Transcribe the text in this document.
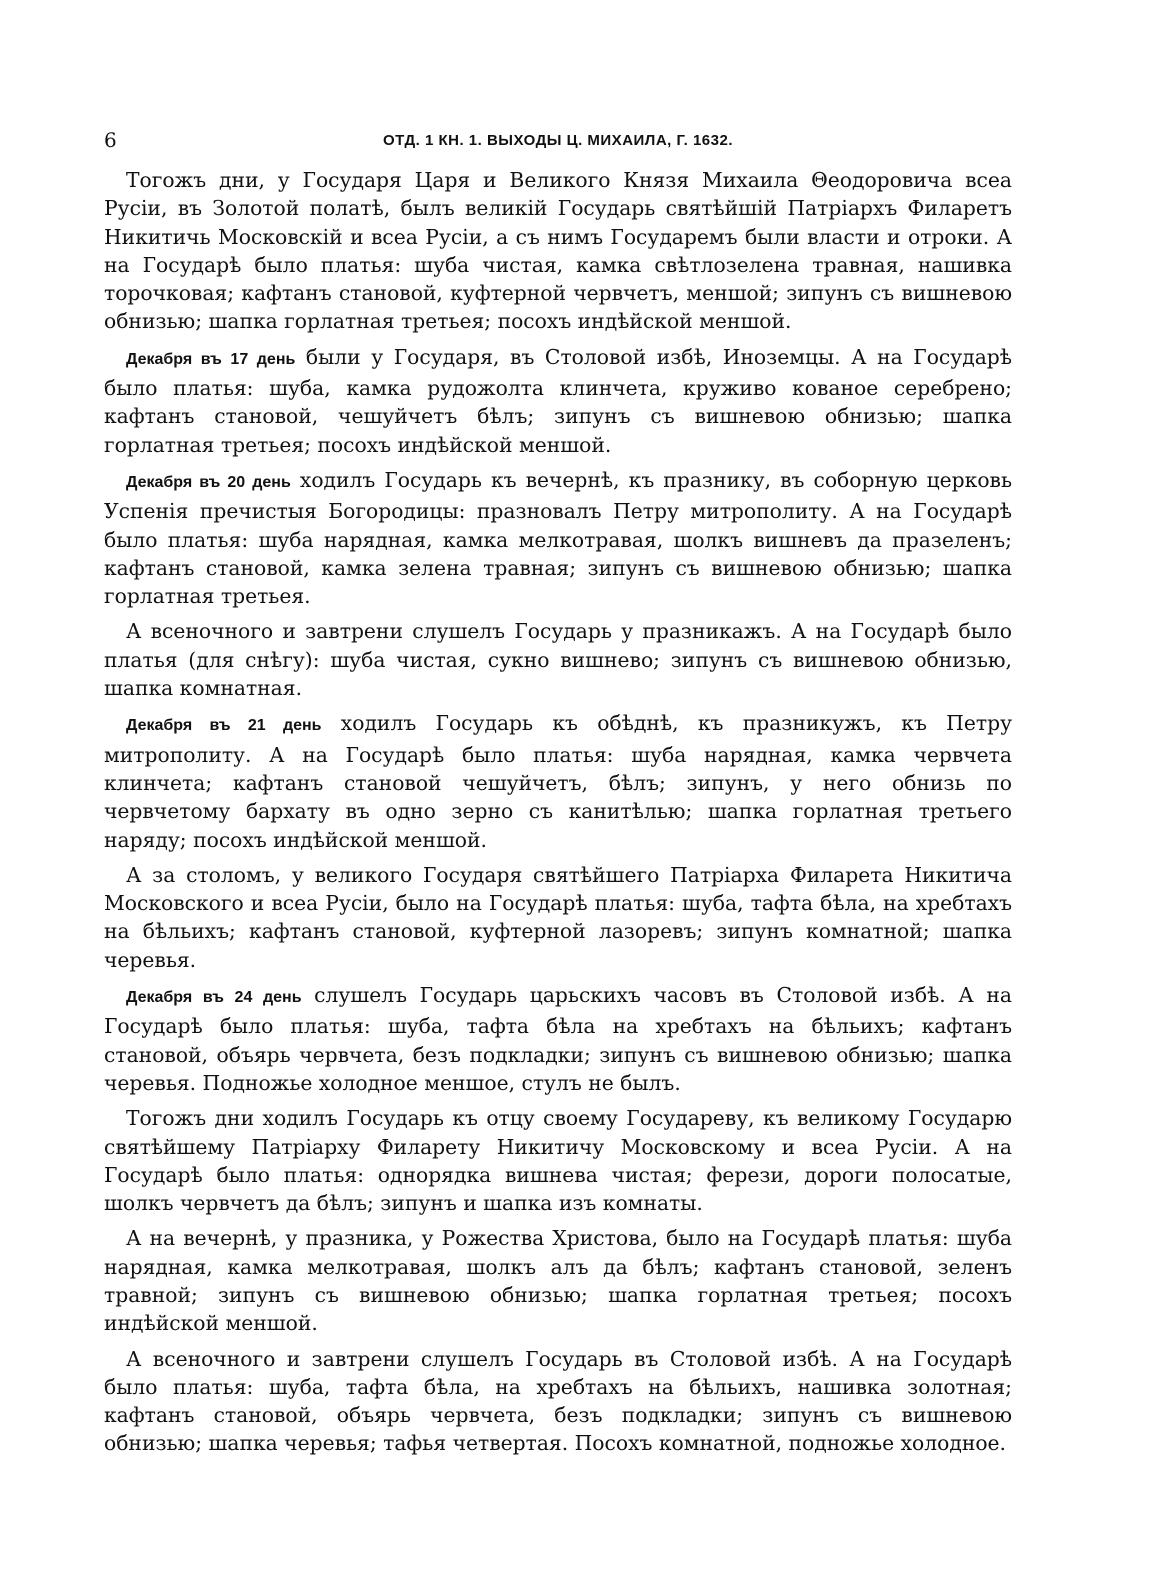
6	ОТД. 1 КН. 1. ВЫХОДЫ Ц. МИХАИЛА, Г. 1632.

Тогожъ дни, у Государя Царя и Великого Князя Михаила Θеодоровича всеа Русіи, въ Золотой полатѣ, былъ великій Государь святѣйшій Патріархъ Филаретъ Никитичь Московскій и всеа Русіи, а съ нимъ Государемъ были власти и отроки. А на Государѣ было платья: шуба чистая, камка свѣтлозелена травная, нашивка торочковая; кафтанъ становой, куфтерной червчетъ, меншой; зипунъ съ вишневою обнизью; шапка горлатная третьея; посохъ индѣйской меншой.

Декабря въ 17 день были у Государя, въ Столовой избѣ, Иноземцы. А на Государѣ было платья: шуба, камка рудожолта клинчета, круживо кованое серебрено; кафтанъ становой, чешуйчетъ бѣлъ; зипунъ съ вишневою обнизью; шапка горлатная третьея; посохъ индѣйской меншой.

Декабря въ 20 день ходилъ Государь къ вечернѣ, къ празнику, въ соборную церковь Успенія пречистыя Богородицы: празновалъ Петру митрополиту. А на Государѣ было платья: шуба нарядная, камка мелкотравая, шолкъ вишневъ да празеленъ; кафтанъ становой, камка зелена травная; зипунъ съ вишневою обнизью; шапка горлатная третьея.

А всеночного и завтрени слушелъ Государь у празникажъ. А на Государѣ было платья (для снѣгу): шуба чистая, сукно вишнево; зипунъ съ вишневою обнизью, шапка комнатная.

Декабря въ 21 день ходилъ Государь къ обѣднѣ, къ празникужъ, къ Петру митрополиту. А на Государѣ было платья: шуба нарядная, камка червчета клинчета; кафтанъ становой чешуйчетъ, бѣлъ; зипунъ, у него обнизь по червчетому бархату въ одно зерно съ канитѣлью; шапка горлатная третьего наряду; посохъ индѣйской меншой.

А за столомъ, у великого Государя святѣйшего Патріарха Филарета Никитича Московского и всеа Русіи, было на Государѣ платья: шуба, тафта бѣла, на хребтахъ на бѣльихъ; кафтанъ становой, куфтерной лазоревъ; зипунъ комнатной; шапка черевья.

Декабря въ 24 день слушелъ Государь царьскихъ часовъ въ Столовой избѣ. А на Государѣ было платья: шуба, тафта бѣла на хребтахъ на бѣльихъ; кафтанъ становой, объярь червчета, безъ подкладки; зипунъ съ вишневою обнизью; шапка черевья. Подножье холодное меншое, стулъ не былъ.

Тогожъ дни ходилъ Государь къ отцу своему Государеву, къ великому Государю святѣйшему Патріарху Филарету Никитичу Московскому и всеа Русіи. А на Государѣ было платья: однорядка вишнева чистая; ферези, дороги полосатые, шолкъ червчетъ да бѣлъ; зипунъ и шапка изъ комнаты.

А на вечернѣ, у празника, у Рожества Христова, было на Государѣ платья: шуба нарядная, камка мелкотравая, шолкъ алъ да бѣлъ; кафтанъ становой, зеленъ травной; зипунъ съ вишневою обнизью; шапка горлатная третьея; посохъ индѣйской меншой.

А всеночного и завтрени слушелъ Государь въ Столовой избѣ. А на Государѣ было платья: шуба, тафта бѣла, на хребтахъ на бѣльихъ, нашивка золотная; кафтанъ становой, объярь червчета, безъ подкладки; зипунъ съ вишневою обнизью; шапка черевья; тафья четвертая. Посохъ комнатной, подножье холодное.
